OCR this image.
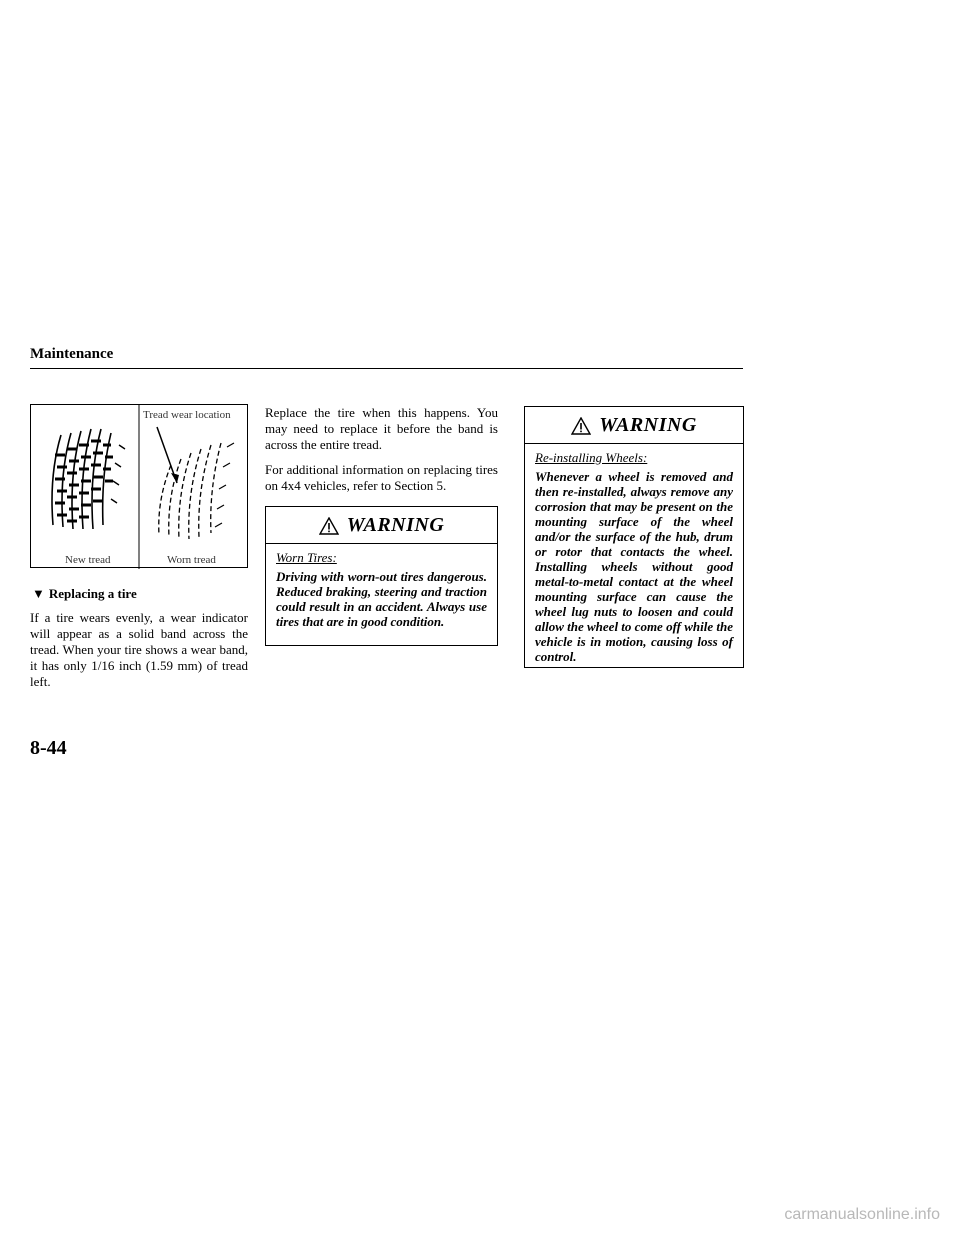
Maintenance
Tread wear location
New tread	Worn tread
▼ Replacing a tire
If a tire wears evenly, a wear indicator will appear as a solid band across the tread. When your tire shows a wear band, it has only 1/16 inch (1.59 mm) of tread left.
Replace the tire when this happens. You may need to replace it before the band is across the entire tread.
For additional information on replacing tires on 4x4 vehicles, refer to Section 5.
WARNING
Worn Tires:
Driving with worn-out tires dangerous. Reduced braking, steering and traction could result in an accident. Always use tires that are in good condition.
WARNING
Re-installing Wheels:
Whenever a wheel is removed and then re-installed, always remove any corrosion that may be present on the mounting surface of the wheel and/or the surface of the hub, drum or rotor that contacts the wheel. Installing wheels without good metal-to-metal contact at the wheel mounting surface can cause the wheel lug nuts to loosen and could allow the wheel to come off while the vehicle is in motion, causing loss of control.
8-44
carmanualsonline.info
